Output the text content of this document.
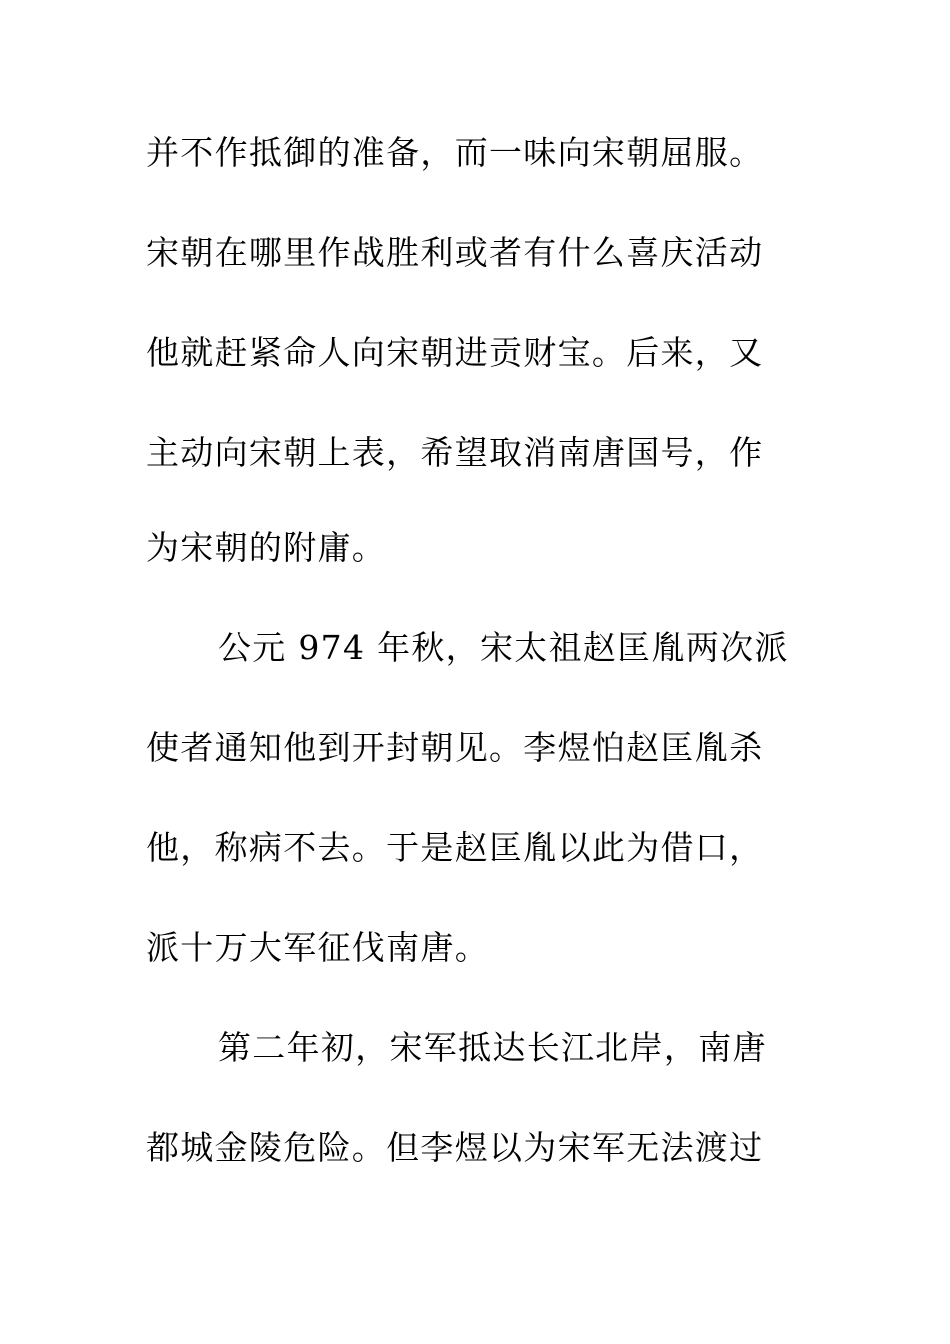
并不作抵御的准备，而一味向宋朝屈服。
宋朝在哪里作战胜利或者有什么喜庆活动
他就赶紧命人向宋朝进贡财宝。后来，又
主动向宋朝上表，希望取消南唐国号，作
为宋朝的附庸。
公元 974 年秋，宋太祖赵匡胤两次派
使者通知他到开封朝见。李煜怕赵匡胤杀
他，称病不去。于是赵匡胤以此为借口，
派十万大军征伐南唐。
第二年初，宋军抵达长江北岸，南唐
都城金陵危险。但李煜以为宋军无法渡过
